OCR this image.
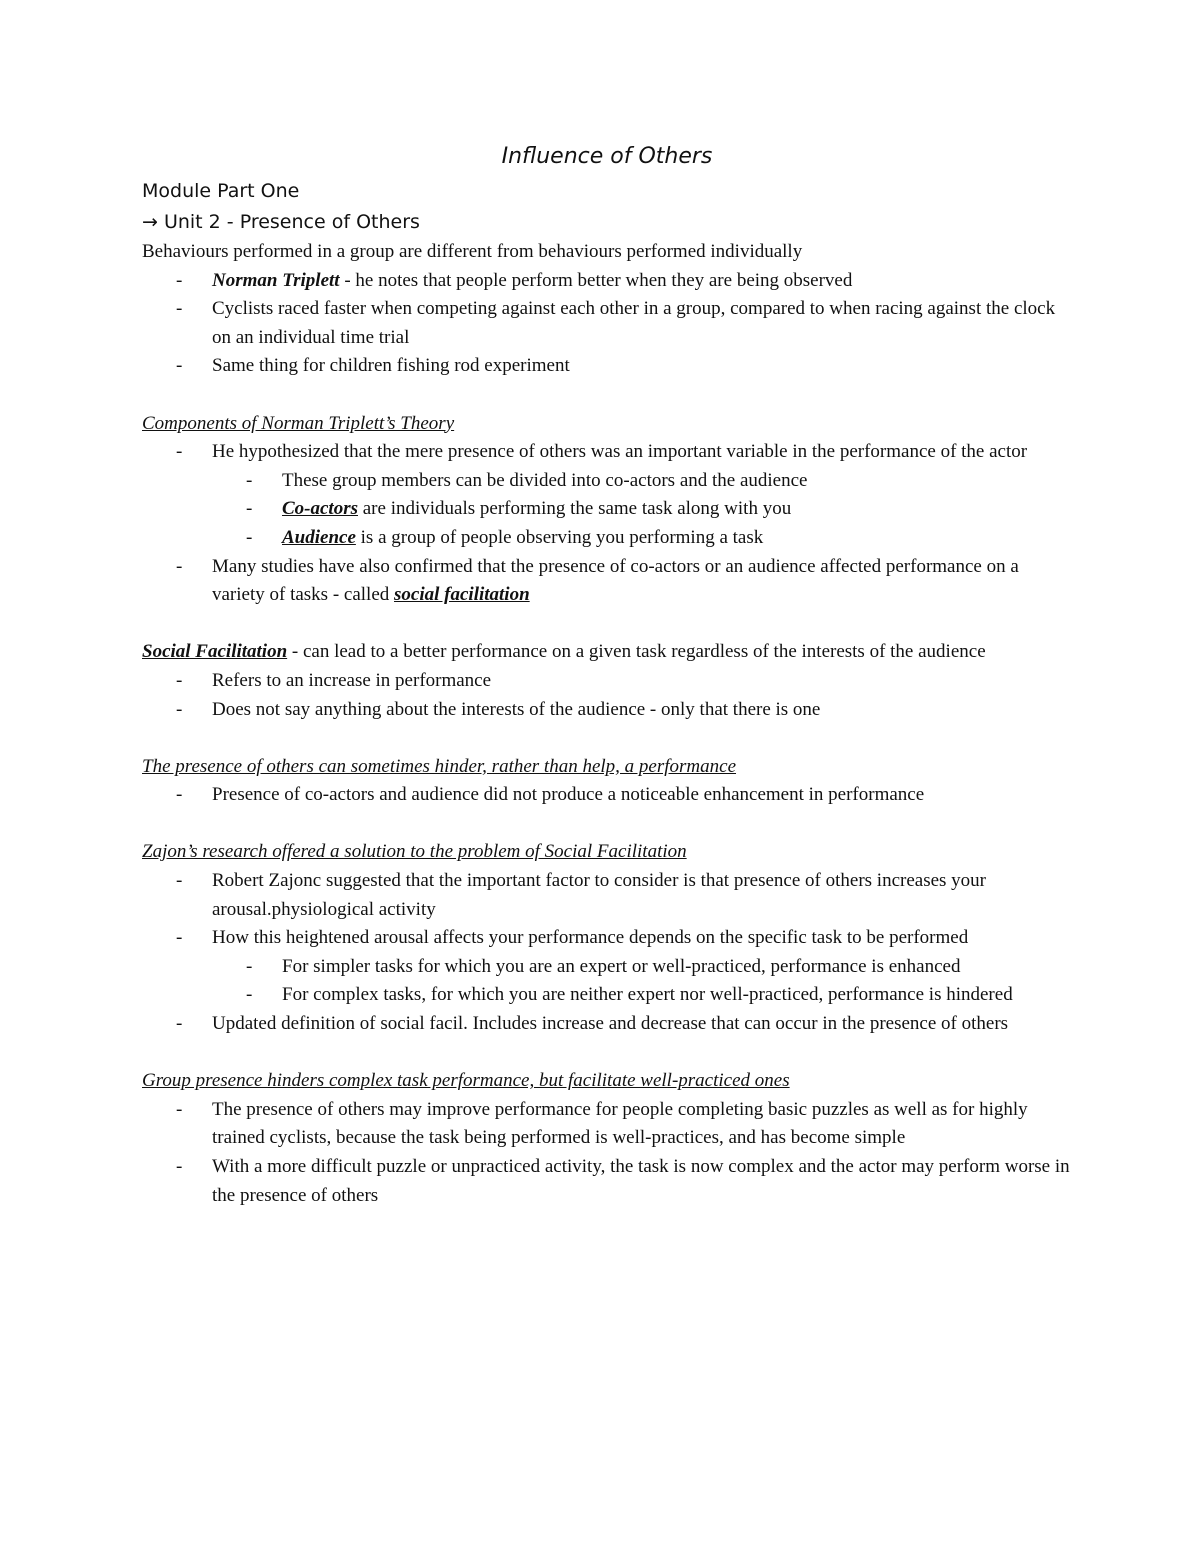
Influence of Others

Module Part One

→ Unit 2 - Presence of Others

Behaviours performed in a group are different from behaviours performed individually

- Norman Triplett - he notes that people perform better when they are being observed
- Cyclists raced faster when competing against each other in a group, compared to when racing against the clock on an individual time trial
- Same thing for children fishing rod experiment

Components of Norman Triplett’s Theory

- He hypothesized that the mere presence of others was an important variable in the performance of the actor
- These group members can be divided into co-actors and the audience
- Co-actors are individuals performing the same task along with you
- Audience is a group of people observing you performing a task
- Many studies have also confirmed that the presence of co-actors or an audience affected performance on a variety of tasks - called social facilitation

Social Facilitation - can lead to a better performance on a given task regardless of the interests of the audience

- Refers to an increase in performance
- Does not say anything about the interests of the audience - only that there is one

The presence of others can sometimes hinder, rather than help, a performance

- Presence of co-actors and audience did not produce a noticeable enhancement in performance

Zajon’s research offered a solution to the problem of Social Facilitation

- Robert Zajonc suggested that the important factor to consider is that presence of others increases your arousal.physiological activity
- How this heightened arousal affects your performance depends on the specific task to be performed
- For simpler tasks for which you are an expert or well-practiced, performance is enhanced
- For complex tasks, for which you are neither expert nor well-practiced, performance is hindered
- Updated definition of social facil. Includes increase and decrease that can occur in the presence of others

Group presence hinders complex task performance, but facilitate well-practiced ones

- The presence of others may improve performance for people completing basic puzzles as well as for highly trained cyclists, because the task being performed is well-practices, and has become simple
- With a more difficult puzzle or unpracticed activity, the task is now complex and the actor may perform worse in the presence of others
